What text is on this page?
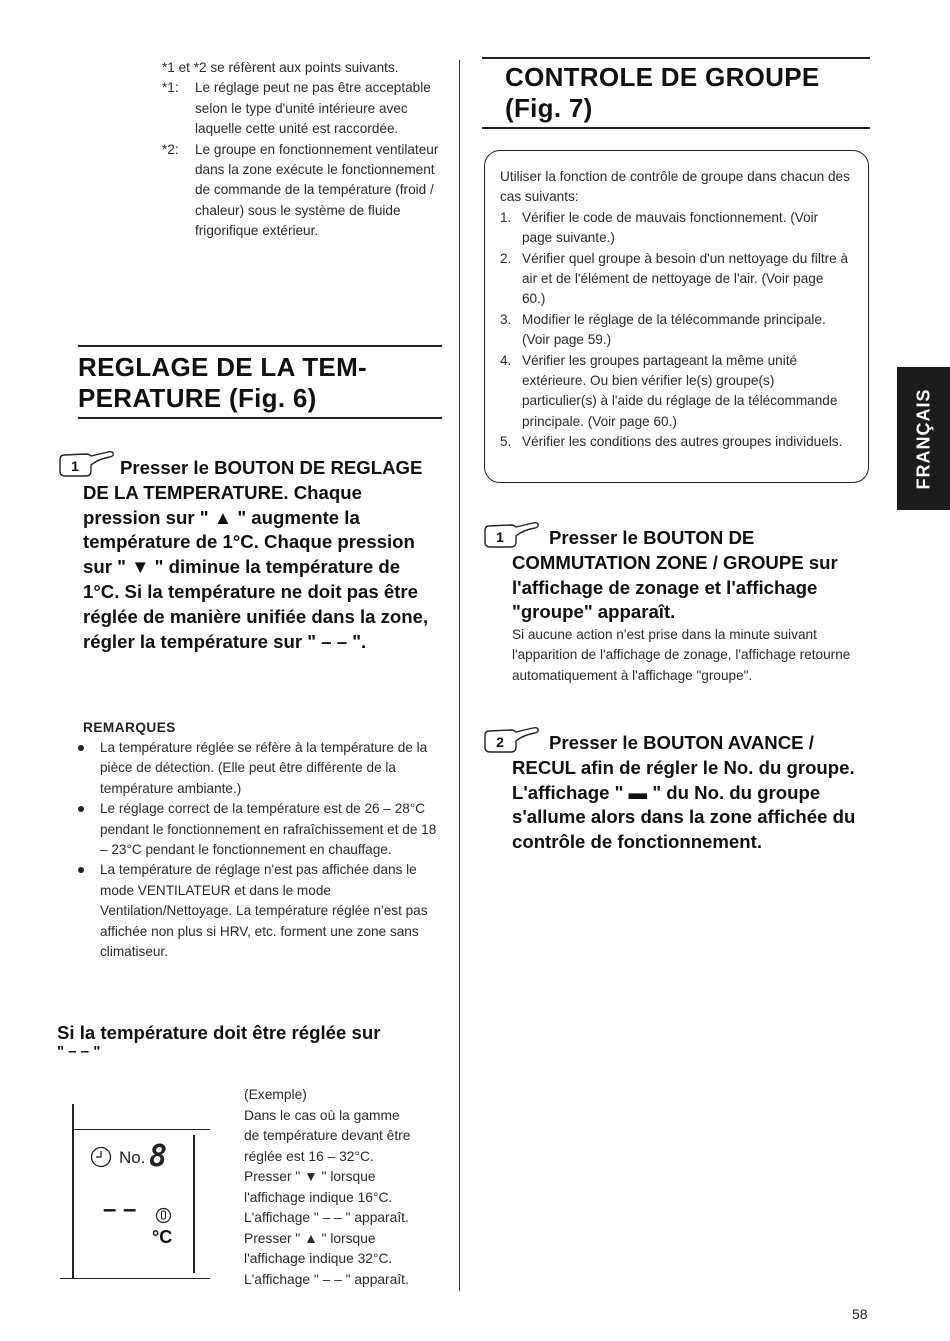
*1 et *2 se réfèrent aux points suivants.
*1: Le réglage peut ne pas être acceptable selon le type d'unité intérieure avec laquelle cette unité est raccordée.
*2: Le groupe en fonctionnement ventilateur dans la zone exécute le fonctionnement de commande de la température (froid / chaleur) sous le système de fluide frigorifique extérieur.
REGLAGE DE LA TEM-
PERATURE (Fig. 6)
1	Presser le BOUTON DE REGLAGE DE LA TEMPERATURE. Chaque pression sur " ▲ " augmente la température de 1°C. Chaque pression sur " ▼ " diminue la température de 1°C. Si la température ne doit pas être réglée de manière unifiée dans la zone, régler la température sur " – – ".
REMARQUES
La température réglée se réfère à la température de la pièce de détection. (Elle peut être différente de la température ambiante.)
Le réglage correct de la température est de 26 – 28°C pendant le fonctionnement en rafraîchissement et de 18 – 23°C pendant le fonctionnement en chauffage.
La température de réglage n'est pas affichée dans le mode VENTILATEUR et dans le mode Ventilation/Nettoyage. La température réglée n'est pas affichée non plus si HRV, etc. forment une zone sans climatiseur.
Si la température doit être réglée sur
" – – "
No. 8
– –
°C
(Exemple)
Dans le cas où la gamme
de température devant être
réglée est 16 – 32°C.
Presser " ▼ " lorsque
l'affichage indique 16°C.
L'affichage " – – " apparaît.
Presser " ▲ " lorsque
l'affichage indique 32°C.
L'affichage " – – " apparaît.
CONTROLE DE GROUPE
(Fig. 7)
Utiliser la fonction de contrôle de groupe dans chacun des cas suivants:
1. Vérifier le code de mauvais fonctionnement. (Voir page suivante.)
2. Vérifier quel groupe à besoin d'un nettoyage du filtre à air et de l'élément de nettoyage de l'air. (Voir page 60.)
3. Modifier le réglage de la télécommande principale. (Voir page 59.)
4. Vérifier les groupes partageant la même unité extérieure. Ou bien vérifier le(s) groupe(s) particulier(s) à l'aide du réglage de la télécommande principale. (Voir page 60.)
5. Vérifier les conditions des autres groupes individuels.
1	Presser le BOUTON DE COMMUTATION ZONE / GROUPE sur l'affichage de zonage et l'affichage "groupe" apparaît.
Si aucune action n'est prise dans la minute suivant l'apparition de l'affichage de zonage, l'affichage retourne automatiquement à l'affichage "groupe".
2	Presser le BOUTON AVANCE / RECUL afin de régler le No. du groupe. L'affichage " ▬ " du No. du groupe s'allume alors dans la zone affichée du contrôle de fonctionnement.
FRANÇAIS
58
